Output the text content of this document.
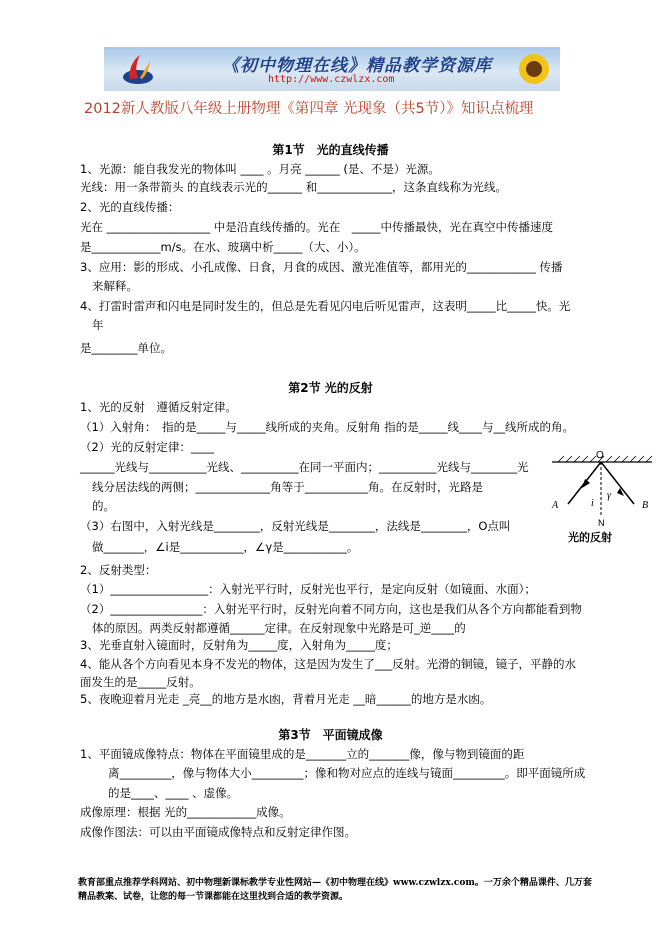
《初中物理在线》精品教学资源库
http://www.czwlzx.com
2012新人教版八年级上册物理《第四章 光现象（共5节）》知识点梳理
第1节　光的直线传播
1、光源：能自我发光的物体叫 ____ 。月亮 ______ (是、不是）光源。
光线：用一条带箭头 的直线表示光的______ 和_____________，这条直线称为光线。
2、光的直线传播：
光在 __________________ 中是沿直线传播的。光在　_____中传播最快，光在真空中传播速度
是____________m/s。在水、玻璃中析_____（大、小）。
3、应用：影的形成、小孔成像、日食，月食的成因、激光准值等，都用光的____________ 传播
来解释。
4、打雷时雷声和闪电是同时发生的，但总是先看见闪电后听见雷声，这表明_____比_____快。光
年
是________单位。
第2节 光的反射
1、光的反射　遵循反射定律。
（1）入射角：　指的是_____与_____线所成的夹角。反射角 指的是_____线____与__线所成的角。
（2）光的反射定律：____
______光线与__________光线、__________在同一平面内；__________光线与________光
线分居法线的两侧；_____________角等于___________角。在反射时，光路是
的。
（3）右图中，入射光线是________，反射光线是________，法线是________，O点叫
做_______，∠i是___________，∠γ是___________。
2、反射类型：
（1）_________________：入射光平行时，反射光也平行，是定向反射（如镜面、水面）；
（2）________________：入射光平行时，反射光向着不同方向，这也是我们从各个方向都能看到物
体的原因。两类反射都遵循______定律。在反射现象中光路是可_逆____的
3、光垂直射入镜面时，反射角为_____度，入射角为_____度；
4、能从各个方向看见本身不发光的物体，这是因为发生了___反射。光滑的铜镜，镜子，平静的水
面发生的是_____反射。
5、夜晚迎着月光走 _亮__的地方是水凼，背着月光走 __暗______的地方是水凼。
O
N
A	B
i
γ
光的反射
第3节　平面镜成像
1、平面镜成像特点：物体在平面镜里成的是_______立的_______像，像与物到镜面的距
离_________，像与物体大小_________；像和物对应点的连线与镜面_________。即平面镜所成
的是____、____ 、虚像。
成像原理：根据 光的____________成像。
成像作图法：可以由平面镜成像特点和反射定律作图。
教育部重点推荐学科网站、初中物理新课标教学专业性网站—《初中物理在线》www.czwlzx.com。一万余个精品课件、几万套精品教案、试卷，让您的每一节课都能在这里找到合适的教学资源。
